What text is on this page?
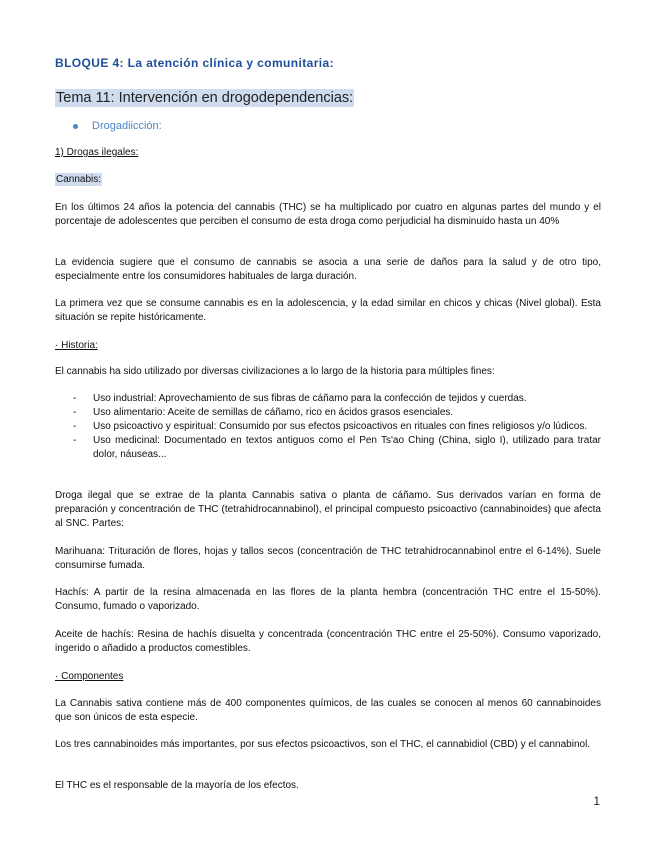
BLOQUE 4: La atención clínica y comunitaria:
Tema 11: Intervención en drogodependencias:
Drogadiicción:
1) Drogas ilegales:
Cannabis:
En los últimos 24 años la potencia del cannabis (THC) se ha multiplicado por cuatro en algunas partes del mundo y el porcentaje de adolescentes que perciben el consumo de esta droga como perjudicial ha disminuido hasta un 40%
La evidencia sugiere que el consumo de cannabis se asocia a una serie de daños para la salud y de otro tipo, especialmente entre los consumidores habituales de larga duración.
La primera vez que se consume cannabis es en la adolescencia, y la edad similar en chicos y chicas (Nivel global). Esta situación se repite históricamente.
· Historia:
El cannabis ha sido utilizado por diversas civilizaciones a lo largo de la historia para múltiples fines:
- Uso industrial: Aprovechamiento de sus fibras de cáñamo para la confección de tejidos y cuerdas.
- Uso alimentario: Aceite de semillas de cáñamo, rico en ácidos grasos esenciales.
- Uso psicoactivo y espiritual: Consumido por sus efectos psicoactivos en rituales con fines religiosos y/o lúdicos.
- Uso medicinal: Documentado en textos antiguos como el Pen Ts'ao Ching (China, siglo I), utilizado para tratar dolor, náuseas...
Droga ilegal que se extrae de la planta Cannabis sativa o planta de cáñamo. Sus derivados varían en forma de preparación y concentración de THC (tetrahidrocannabinol), el principal compuesto psicoactivo (cannabinoides) que afecta al SNC. Partes:
Marihuana: Trituración de flores, hojas y tallos secos (concentración de THC tetrahidrocannabinol entre el 6-14%). Suele consumirse fumada.
Hachís: A partir de la resina almacenada en las flores de la planta hembra (concentración THC entre el 15-50%). Consumo, fumado o vaporizado.
Aceite de hachís: Resina de hachís disuelta y concentrada (concentración THC entre el 25-50%). Consumo vaporizado, ingerido o añadido a productos comestibles.
· Componentes
La Cannabis sativa contiene más de 400 componentes químicos, de las cuales se conocen al menos 60 cannabinoides que son únicos de esta especie.
Los tres cannabinoides más importantes, por sus efectos psicoactivos, son el THC, el cannabidiol (CBD) y el cannabinol.
El THC es el responsable de la mayoría de los efectos.
1
